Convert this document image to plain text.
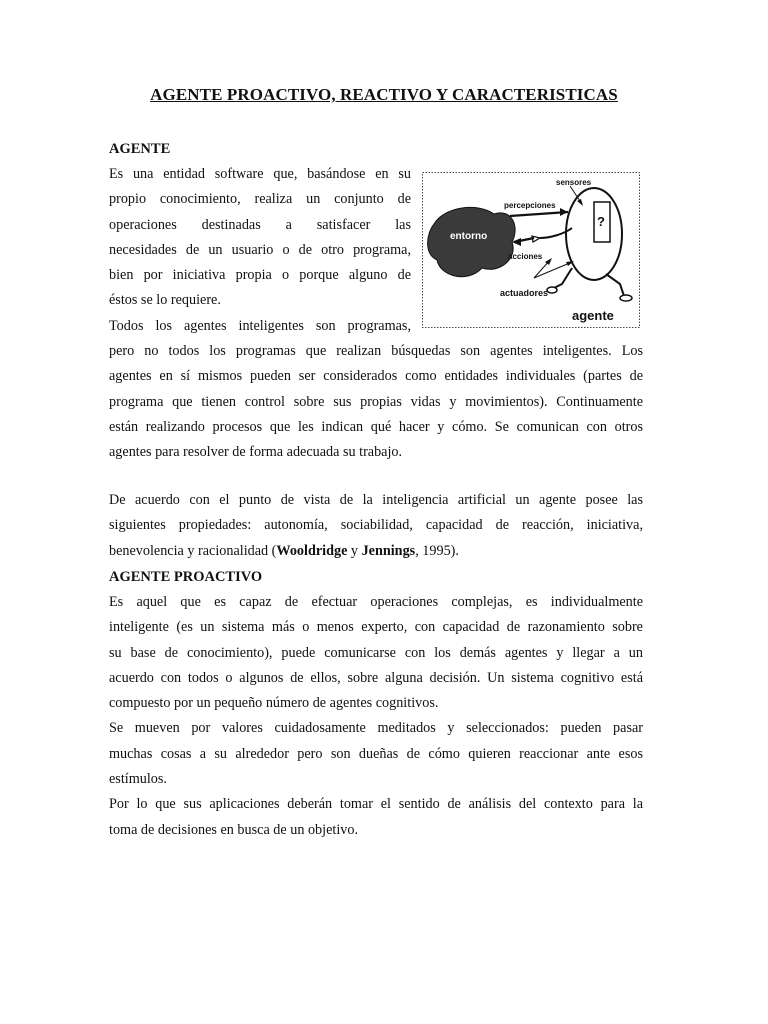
AGENTE PROACTIVO, REACTIVO Y CARACTERISTICAS
AGENTE
Es una entidad software que, basándose en su
propio conocimiento, realiza un conjunto de
operaciones destinadas a satisfacer las
necesidades de un usuario o de otro programa,
bien por iniciativa propia o porque alguno de
éstos se lo requiere.
Todos los agentes inteligentes son programas,
sensores
percepciones
entorno
acciones
actuadores
agente
?
pero no todos los programas que realizan búsquedas son agentes inteligentes. Los
agentes en sí mismos pueden ser considerados como entidades individuales (partes de
programa que tienen control sobre sus propias vidas y movimientos). Continuamente
están realizando procesos que les indican qué hacer y cómo. Se comunican con otros
agentes para resolver de forma adecuada su trabajo.
De acuerdo con el punto de vista de la inteligencia artificial un agente posee las
siguientes propiedades: autonomía, sociabilidad, capacidad de reacción, iniciativa,
benevolencia y racionalidad (Wooldridge y Jennings, 1995).
AGENTE PROACTIVO
Es aquel que es capaz de efectuar operaciones complejas, es individualmente
inteligente (es un sistema más o menos experto, con capacidad de razonamiento sobre
su base de conocimiento), puede comunicarse con los demás agentes y llegar a un
acuerdo con todos o algunos de ellos, sobre alguna decisión. Un sistema cognitivo está
compuesto por un pequeño número de agentes cognitivos.
Se mueven por valores cuidadosamente meditados y seleccionados: pueden pasar
muchas cosas a su alrededor pero son dueñas de cómo quieren reaccionar ante esos
estímulos.
Por lo que sus aplicaciones deberán tomar el sentido de análisis del contexto para la
toma de decisiones en busca de un objetivo.
